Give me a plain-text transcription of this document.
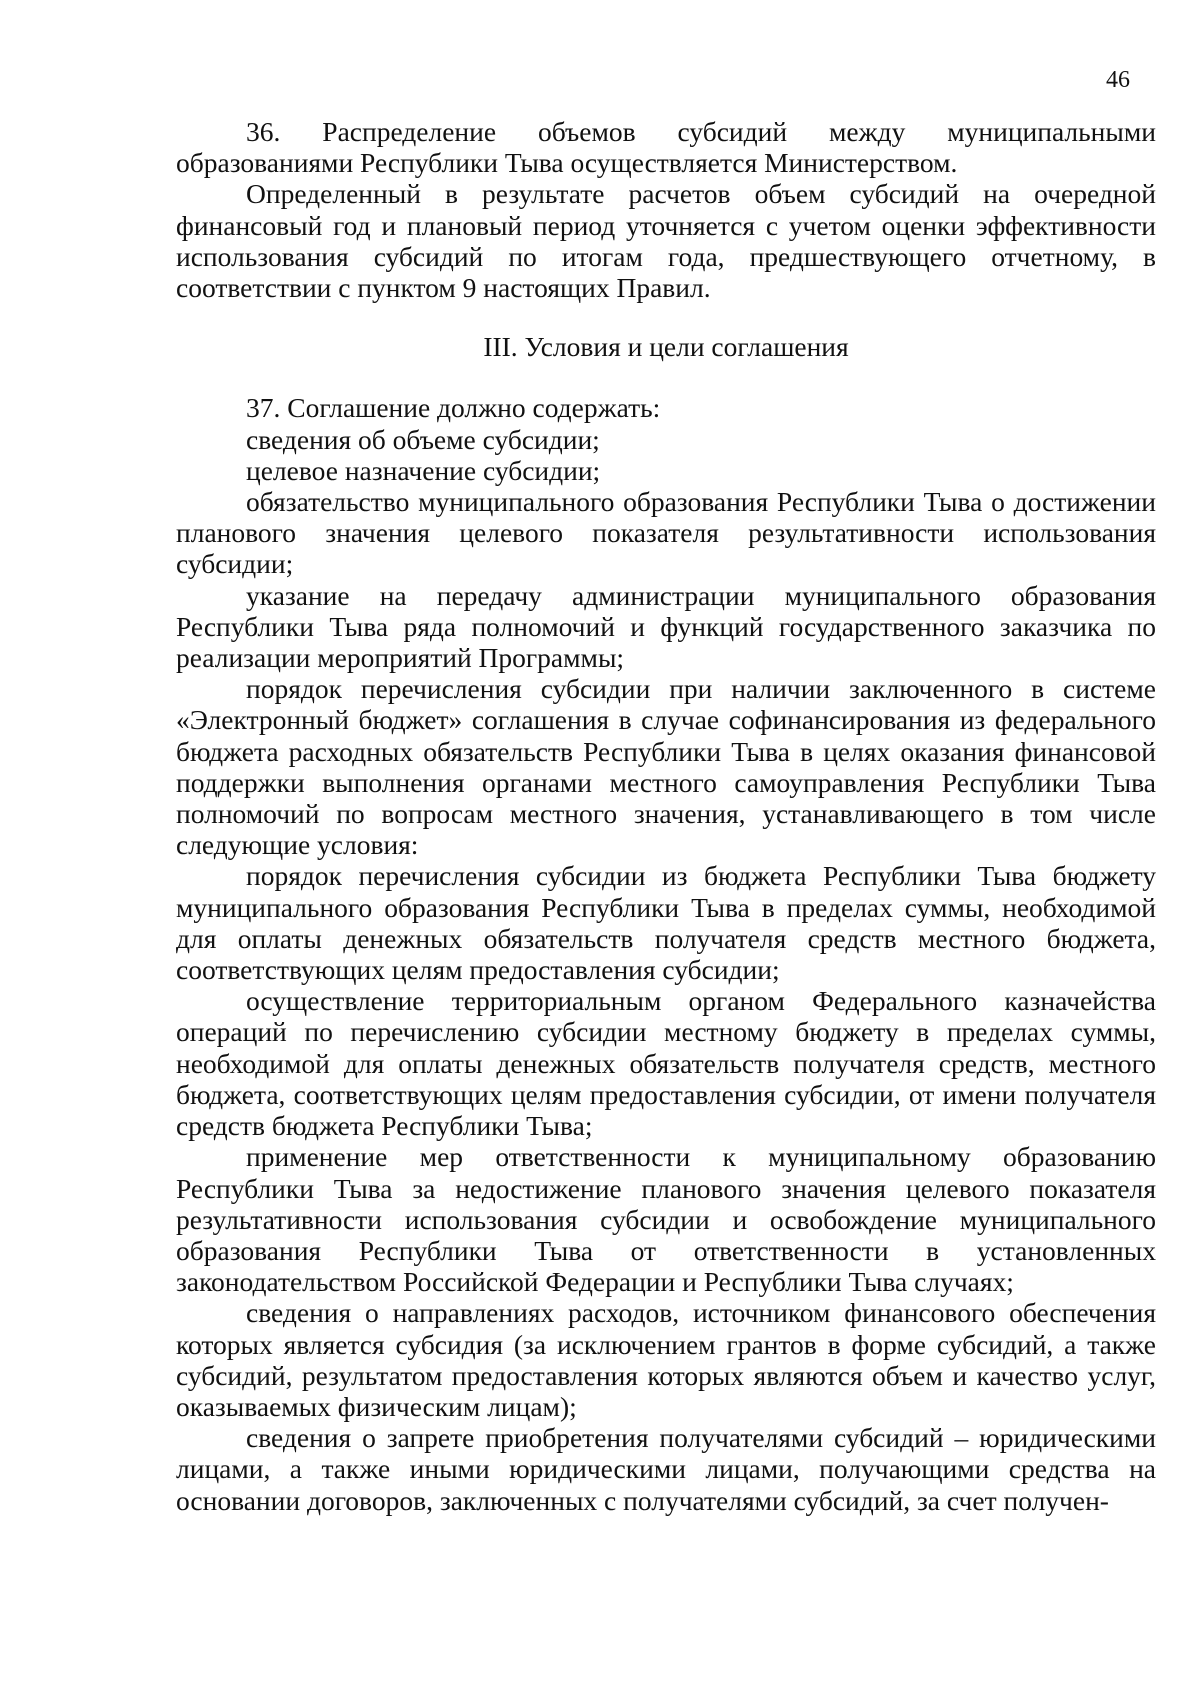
46

36. Распределение объемов субсидий между муниципальными образованиями Республики Тыва осуществляется Министерством.

Определенный в результате расчетов объем субсидий на очередной финансовый год и плановый период уточняется с учетом оценки эффективности использования субсидий по итогам года, предшествующего отчетному, в соответствии с пунктом 9 настоящих Правил.

III. Условия и цели соглашения

37. Соглашение должно содержать:

сведения об объеме субсидии;

целевое назначение субсидии;

обязательство муниципального образования Республики Тыва о достижении планового значения целевого показателя результативности использования субсидии;

указание на передачу администрации муниципального образования Республики Тыва ряда полномочий и функций государственного заказчика по реализации мероприятий Программы;

порядок перечисления субсидии при наличии заключенного в системе «Электронный бюджет» соглашения в случае софинансирования из федерального бюджета расходных обязательств Республики Тыва в целях оказания финансовой поддержки выполнения органами местного самоуправления Республики Тыва полномочий по вопросам местного значения, устанавливающего в том числе следующие условия:

порядок перечисления субсидии из бюджета Республики Тыва бюджету муниципального образования Республики Тыва в пределах суммы, необходимой для оплаты денежных обязательств получателя средств местного бюджета, соответствующих целям предоставления субсидии;

осуществление территориальным органом Федерального казначейства операций по перечислению субсидии местному бюджету в пределах суммы, необходимой для оплаты денежных обязательств получателя средств, местного бюджета, соответствующих целям предоставления субсидии, от имени получателя средств бюджета Республики Тыва;

применение мер ответственности к муниципальному образованию Республики Тыва за недостижение планового значения целевого показателя результативности использования субсидии и освобождение муниципального образования Республики Тыва от ответственности в установленных законодательством Российской Федерации и Республики Тыва случаях;

сведения о направлениях расходов, источником финансового обеспечения которых является субсидия (за исключением грантов в форме субсидий, а также субсидий, результатом предоставления которых являются объем и качество услуг, оказываемых физическим лицам);

сведения о запрете приобретения получателями субсидий – юридическими лицами, а также иными юридическими лицами, получающими средства на основании договоров, заключенных с получателями субсидий, за счет получен-
